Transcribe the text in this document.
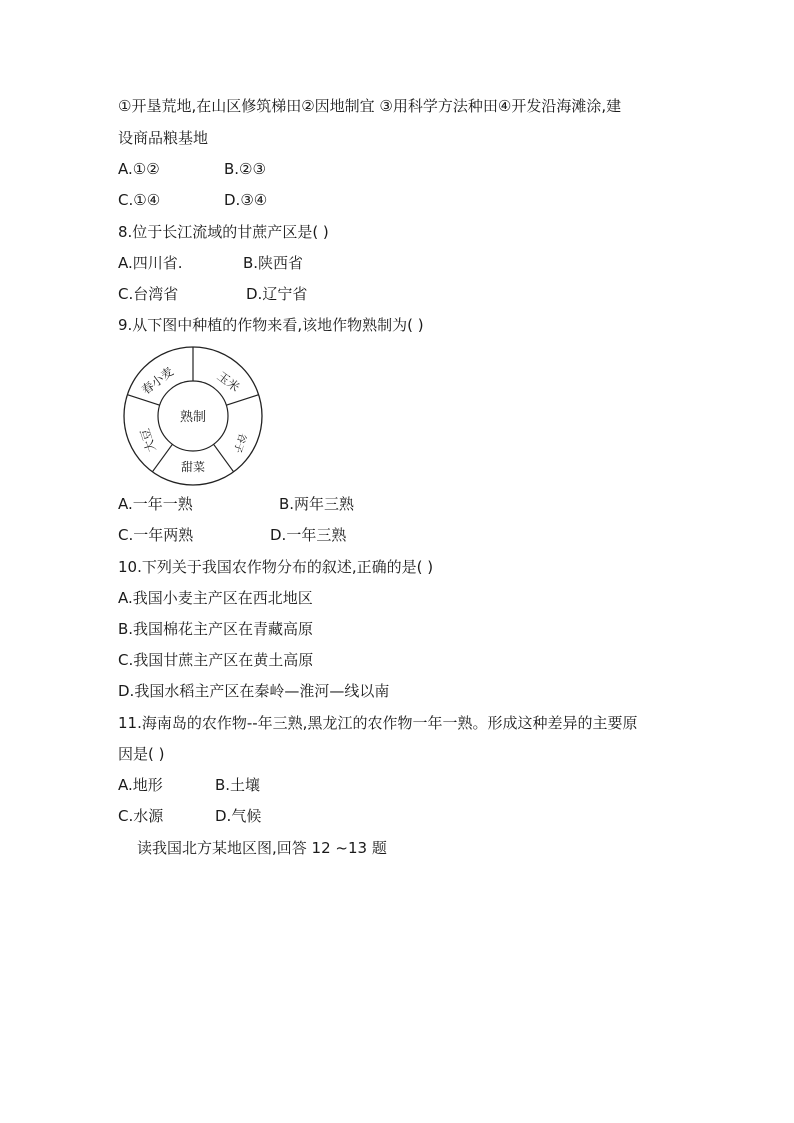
①开垦荒地,在山区修筑梯田②因地制宜 ③用科学方法种田④开发沿海滩涂,建
设商品粮基地
A.①②	B.②③
C.①④	D.③④
8.位于长江流域的甘蔗产区是( )
A.四川省.	B.陕西省
C.台湾省	D.辽宁省
9.从下图中种植的作物来看,该地作物熟制为( )
熟制
春小麦	玉米
谷子
甜菜
大豆
A.一年一熟	B.两年三熟
C.一年两熟	D.一年三熟
10.下列关于我国农作物分布的叙述,正确的是( )
A.我国小麦主产区在西北地区
B.我国棉花主产区在青藏高原
C.我国甘蔗主产区在黄土高原
D.我国水稻主产区在秦岭—淮河—线以南
11.海南岛的农作物--年三熟,黑龙江的农作物一年一熟。形成这种差异的主要原
因是( )
A.地形	B.土壤
C.水源	D.气候
读我国北方某地区图,回答 12 ~13 题
